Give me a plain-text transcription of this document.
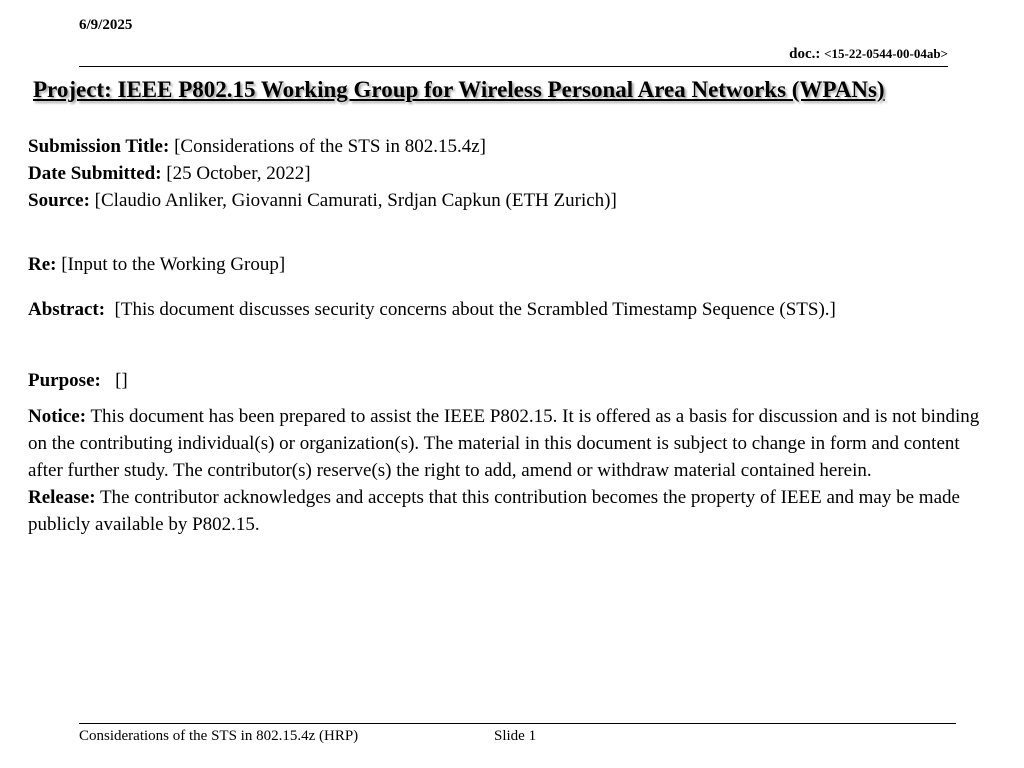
6/9/2025
doc.: <15-22-0544-00-04ab>
Project: IEEE P802.15 Working Group for Wireless Personal Area Networks (WPANs)
Submission Title: [Considerations of the STS in 802.15.4z]
Date Submitted: [25 October, 2022]
Source: [Claudio Anliker, Giovanni Camurati, Srdjan Capkun (ETH Zurich)]
Re: [Input to the Working Group]
Abstract: [This document discusses security concerns about the Scrambled Timestamp Sequence (STS).]
Purpose: []
Notice: This document has been prepared to assist the IEEE P802.15. It is offered as a basis for discussion and is not binding on the contributing individual(s) or organization(s). The material in this document is subject to change in form and content after further study. The contributor(s) reserve(s) the right to add, amend or withdraw material contained herein.
Release: The contributor acknowledges and accepts that this contribution becomes the property of IEEE and may be made publicly available by P802.15.
Considerations of the STS in 802.15.4z (HRP)	Slide 1
